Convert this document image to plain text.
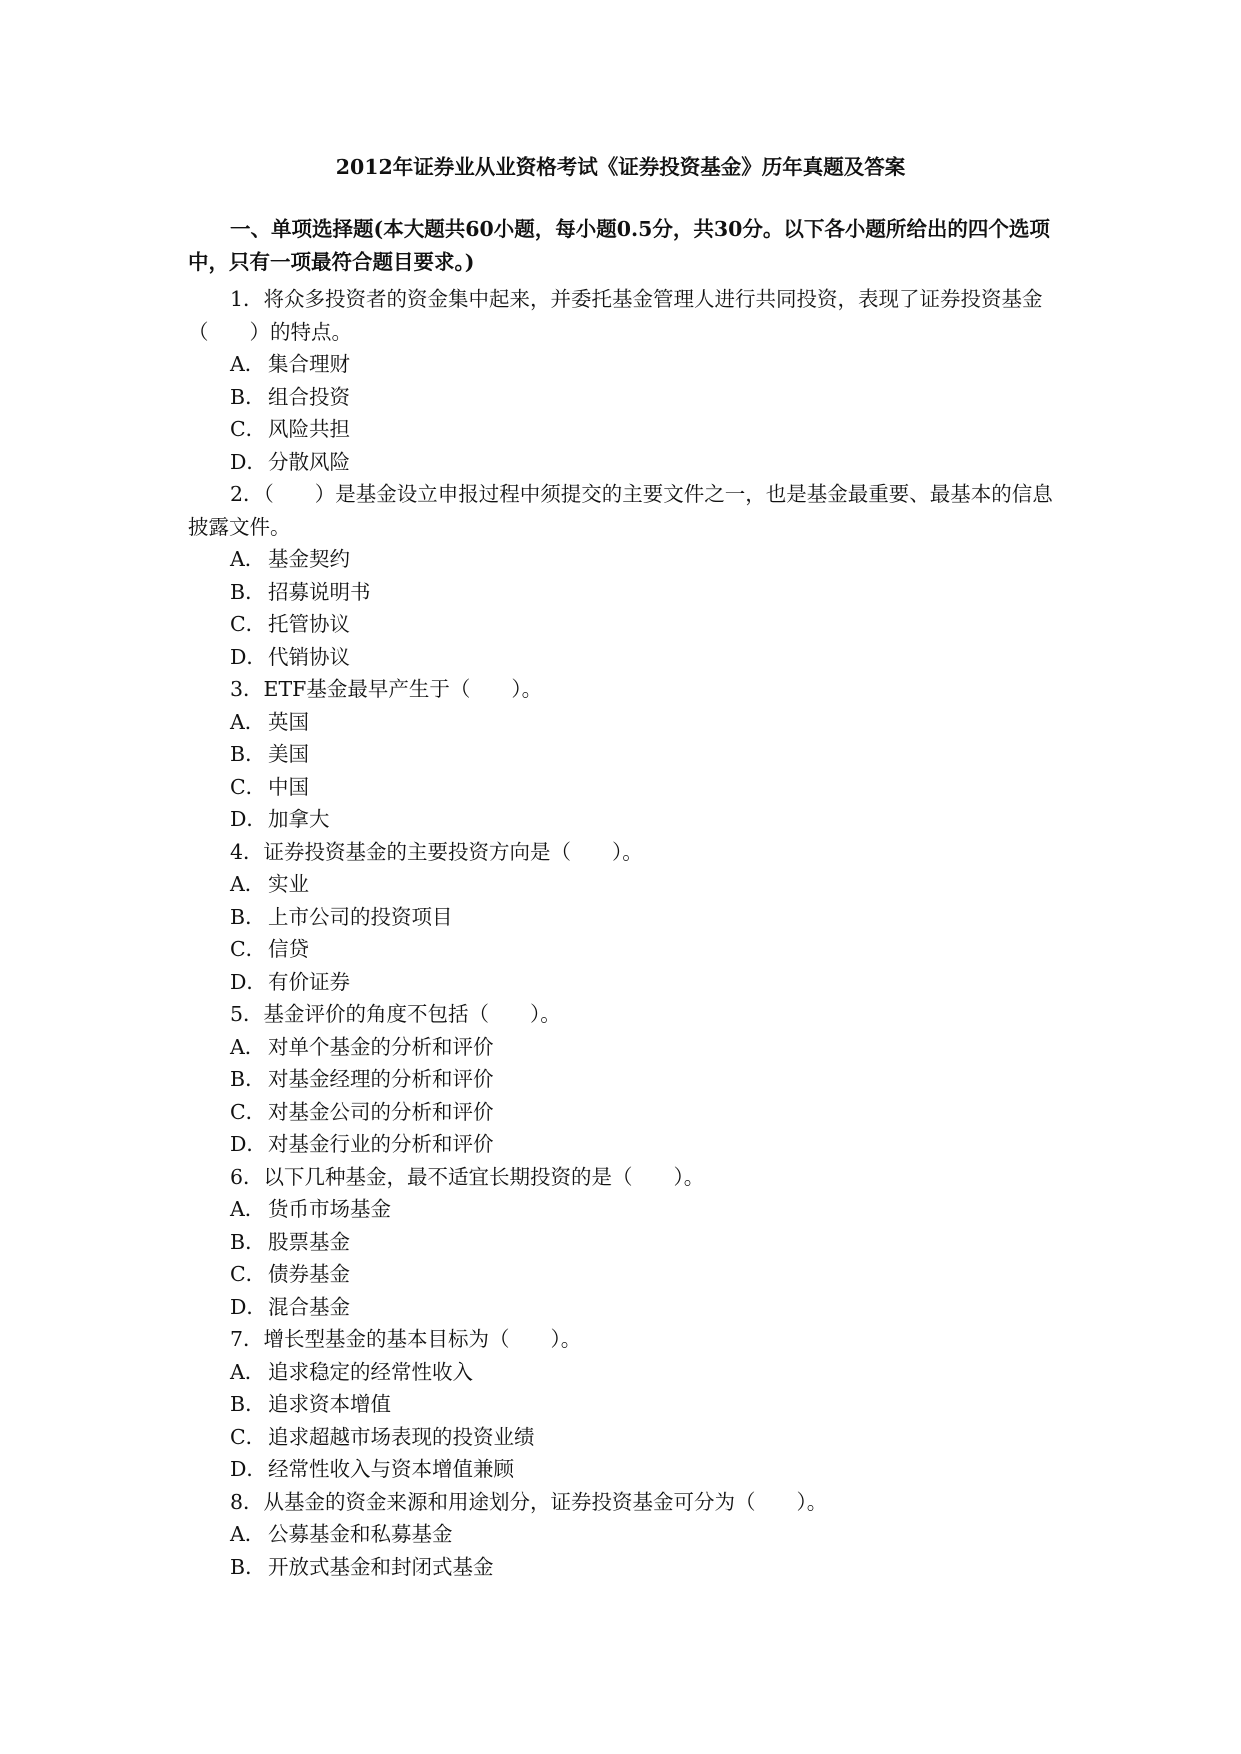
2012年证券业从业资格考试《证券投资基金》历年真题及答案
一、单项选择题(本大题共60小题，每小题0.5分，共30分。以下各小题所给出的四个选项中，只有一项最符合题目要求。)
1．将众多投资者的资金集中起来，并委托基金管理人进行共同投资，表现了证券投资基金（　　）的特点。
A． 集合理财
B． 组合投资
C．风险共担
D．分散风险
2．（　　）是基金设立申报过程中须提交的主要文件之一，也是基金最重要、最基本的信息披露文件。
A． 基金契约
B． 招募说明书
C．托管协议
D．代销协议
3．ETF基金最早产生于（　　）。
A． 英国
B． 美国
C．中国
D．加拿大
4．证券投资基金的主要投资方向是（　　）。
A． 实业
B． 上市公司的投资项目
C．信贷
D．有价证券
5．基金评价的角度不包括（　　）。
A． 对单个基金的分析和评价
B． 对基金经理的分析和评价
C．对基金公司的分析和评价
D．对基金行业的分析和评价
6．以下几种基金，最不适宜长期投资的是（　　）。
A． 货币市场基金
B． 股票基金
C．债券基金
D．混合基金
7．增长型基金的基本目标为（　　）。
A． 追求稳定的经常性收入
B． 追求资本增值
C．追求超越市场表现的投资业绩
D．经常性收入与资本增值兼顾
8．从基金的资金来源和用途划分，证券投资基金可分为（　　）。
A． 公募基金和私募基金
B． 开放式基金和封闭式基金
